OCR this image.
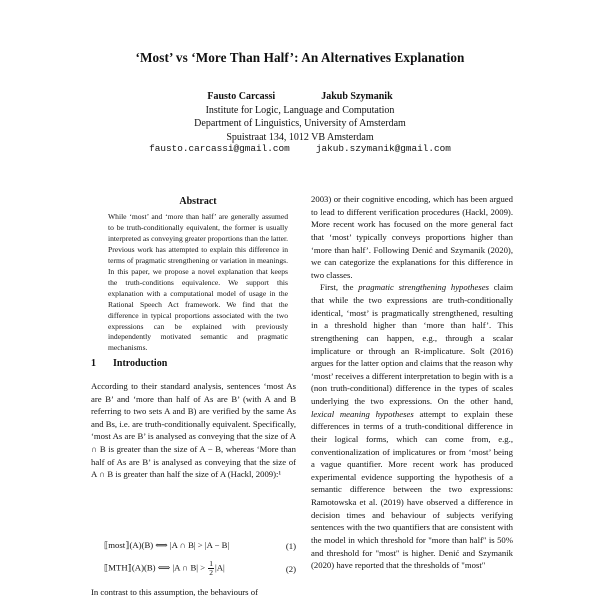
‘Most’ vs ‘More Than Half’: An Alternatives Explanation
Fausto Carcassi	Jakub Szymanik
Institute for Logic, Language and Computation
Department of Linguistics, University of Amsterdam
Spuistraat 134, 1012 VB Amsterdam
fausto.carcassi@gmail.com	jakub.szymanik@gmail.com
Abstract
While ‘most’ and ‘more than half’ are generally assumed to be truth-conditionally equivalent, the former is usually interpreted as conveying greater proportions than the latter. Previous work has attempted to explain this difference in terms of pragmatic strengthening or variation in meanings. In this paper, we propose a novel explanation that keeps the truth-conditions equivalence. We support this explanation with a computational model of usage in the Rational Speech Act framework. We find that the difference in typical proportions associated with the two expressions can be explained with previously independently motivated semantic and pragmatic mechanisms.
1 Introduction
According to their standard analysis, sentences ‘most As are B’ and ‘more than half of As are B’ (with A and B referring to two sets A and B) are verified by the same As and Bs, i.e. are truth-conditionally equivalent. Specifically, ‘most As are B’ is analysed as conveying that the size of A ∩ B is greater than the size of A − B, whereas ‘More than half of As are B’ is analysed as conveying that the size of A ∩ B is greater than half the size of A (Hackl, 2009):¹
⟦most⟧(A)(B) ⟺ |A ∩ B| > |A − B|	(1)
⟦MTH⟧(A)(B) ⟺ |A ∩ $B| > \frac{1}{2} |A|$	(2)
In contrast to this assumption, the behaviours of

2003) or their cognitive encoding, which has been argued to lead to different verification procedures (Hackl, 2009). More recent work has focused on the more general fact that ‘most’ typically conveys proportions higher than ‘more than half’. Following Denić and Szymanik (2020), we can categorize the explanations for this difference in two classes.

First, the pragmatic strengthening hypotheses claim that while the two expressions are truth-conditionally identical, ‘most’ is pragmatically strengthened, resulting in a threshold higher than ‘more than half’. This strengthening can happen, e.g., through a scalar implicature or through an R-implicature. Solt (2016) argues for the latter option and claims that the reason why ‘most’ receives a different interpretation to begin with is a (non truth-conditional) difference in the types of scales underlying the two expressions. On the other hand, lexical meaning hypotheses attempt to explain these differences in terms of a truth-conditional difference in their logical forms, which can come from, e.g., conventionalization of implicatures or from ‘most’ being a vague quantifier. More recent work has produced experimental evidence supporting the hypothesis of a semantic difference between the two expressions: Ramotowska et al. (2019) have observed a difference in decision times and behaviour of subjects verifying sentences with the two quantifiers that are consistent with the model in which threshold for "more than half" is 50% and threshold for "most" is higher. Denić and Szymanik (2020) have reported that the thresholds of "most"
